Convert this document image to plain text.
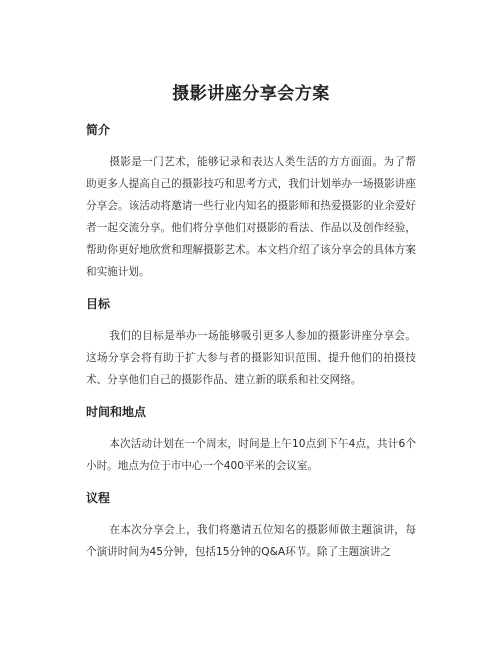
摄影讲座分享会方案
简介

摄影是一门艺术，能够记录和表达人类生活的方方面面。为了帮助更多人提高自己的摄影技巧和思考方式，我们计划举办一场摄影讲座分享会。该活动将邀请一些行业内知名的摄影师和热爱摄影的业余爱好者一起交流分享。他们将分享他们对摄影的看法、作品以及创作经验，帮助你更好地欣赏和理解摄影艺术。本文档介绍了该分享会的具体方案和实施计划。

目标

我们的目标是举办一场能够吸引更多人参加的摄影讲座分享会。这场分享会将有助于扩大参与者的摄影知识范围、提升他们的拍摄技术、分享他们自己的摄影作品、建立新的联系和社交网络。

时间和地点

本次活动计划在一个周末，时间是上午10点到下午4点，共计6个小时。地点为位于市中心一个400平米的会议室。

议程

在本次分享会上，我们将邀请五位知名的摄影师做主题演讲，每个演讲时间为45分钟，包括15分钟的Q&A环节。除了主题演讲之
